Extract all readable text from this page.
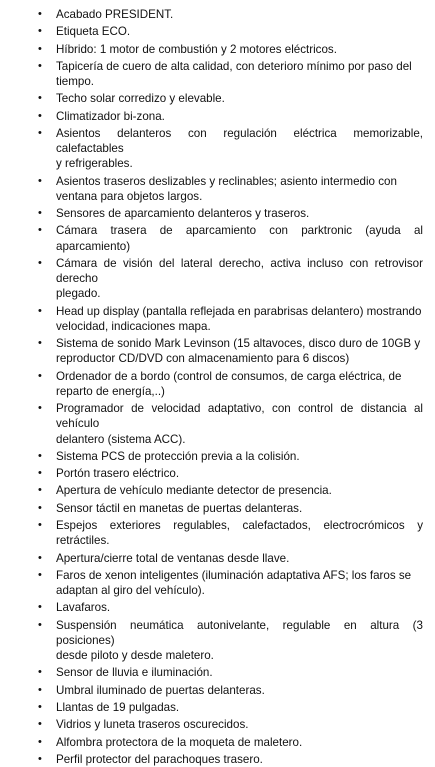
• Acabado PRESIDENT.
• Etiqueta ECO.
• Híbrido: 1 motor de combustión y 2 motores eléctricos.
• Tapicería de cuero de alta calidad, con deterioro mínimo por paso del
tiempo.
• Techo solar corredizo y elevable.
• Climatizador bi-zona.
• Asientos delanteros con regulación eléctrica memorizable, calefactables
y refrigerables.
• Asientos traseros deslizables y reclinables; asiento intermedio con
ventana para objetos largos.
• Sensores de aparcamiento delanteros y traseros.
• Cámara trasera de aparcamiento con parktronic (ayuda al aparcamiento)
• Cámara de visión del lateral derecho, activa incluso con retrovisor derecho
plegado.
• Head up display (pantalla reflejada en parabrisas delantero) mostrando
velocidad, indicaciones mapa.
• Sistema de sonido Mark Levinson (15 altavoces, disco duro de 10GB y
reproductor CD/DVD con almacenamiento para 6 discos)
• Ordenador de a bordo (control de consumos, de carga eléctrica, de
reparto de energía,..)
• Programador de velocidad adaptativo, con control de distancia al vehículo
delantero (sistema ACC).
• Sistema PCS de protección previa a la colisión.
• Portón trasero eléctrico.
• Apertura de vehículo mediante detector de presencia.
• Sensor táctil en manetas de puertas delanteras.
• Espejos exteriores regulables, calefactados, electrocrómicos y retráctiles.
• Apertura/cierre total de ventanas desde llave.
• Faros de xenon inteligentes (iluminación adaptativa AFS; los faros se
adaptan al giro del vehículo).
• Lavafaros.
• Suspensión neumática autonivelante, regulable en altura (3 posiciones)
desde piloto y desde maletero.
• Sensor de lluvia e iluminación.
• Umbral iluminado de puertas delanteras.
• Llantas de 19 pulgadas.
• Vidrios y luneta traseros oscurecidos.
• Alfombra protectora de la moqueta de maletero.
• Perfil protector del parachoques trasero.
